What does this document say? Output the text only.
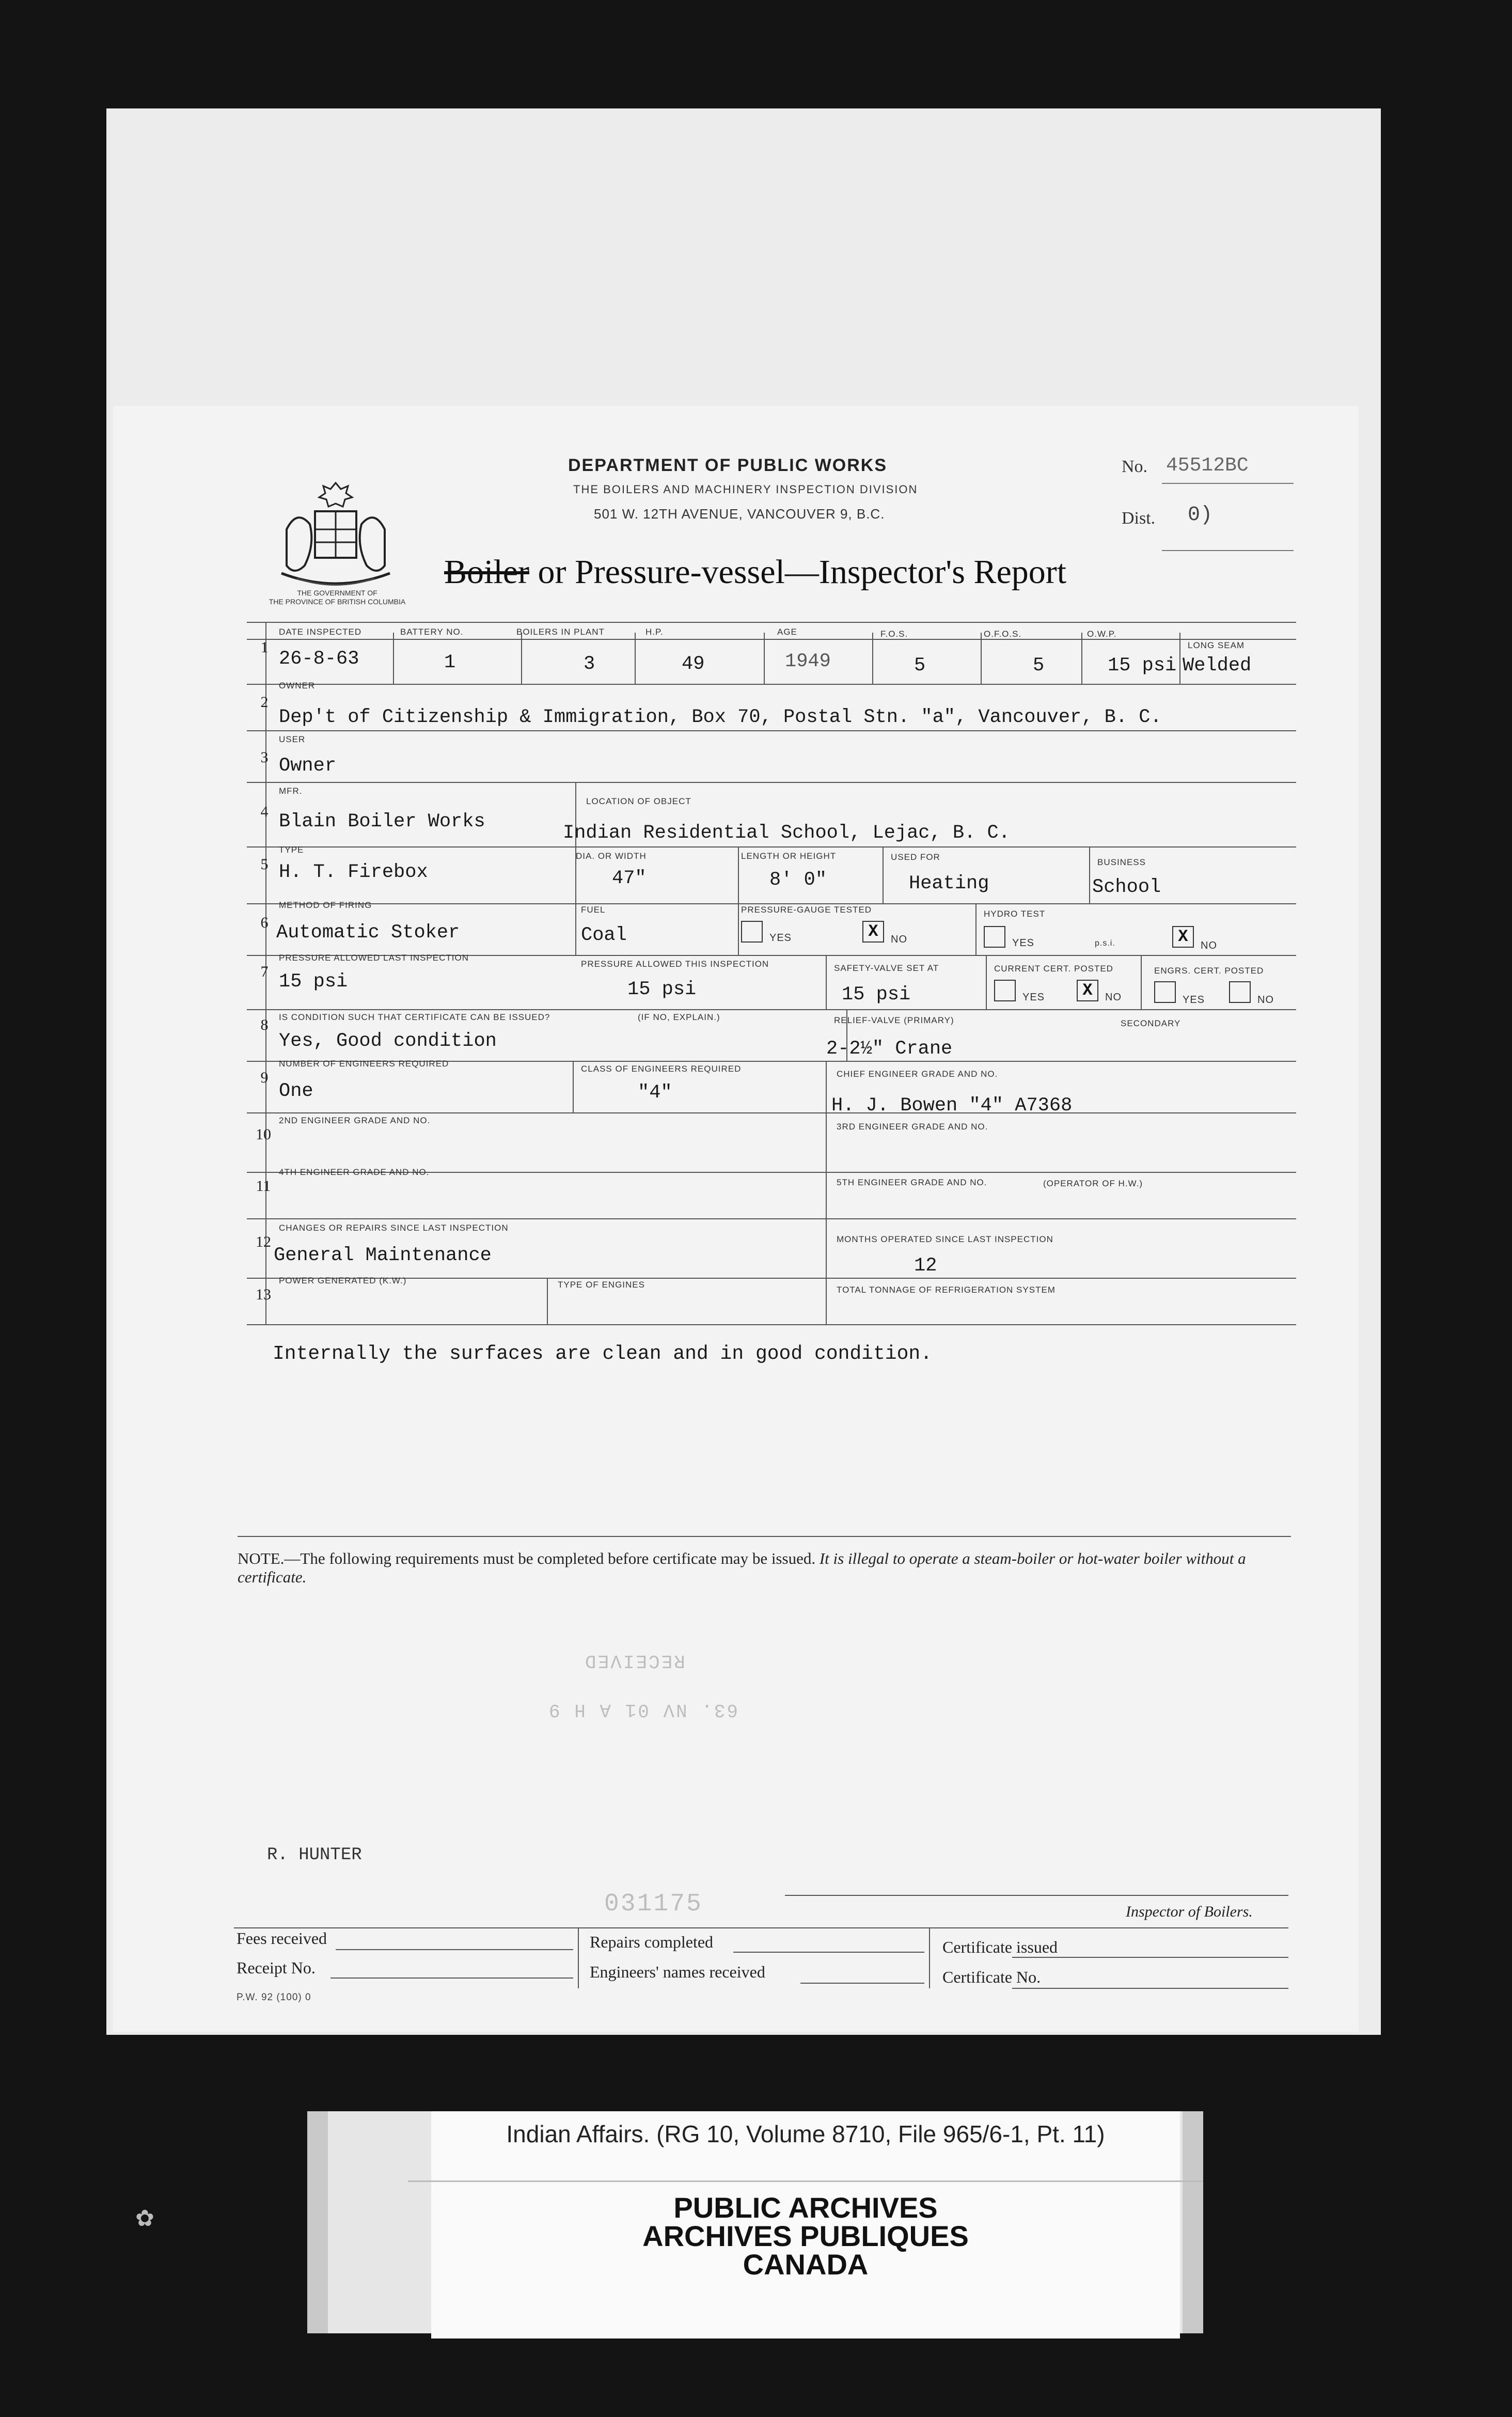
THE GOVERNMENT OF
THE PROVINCE OF BRITISH COLUMBIA
DEPARTMENT OF PUBLIC WORKS
THE BOILERS AND MACHINERY INSPECTION DIVISION
501 W. 12TH AVENUE, VANCOUVER 9, B.C.
Boiler or Pressure-vessel—Inspector's Report
No. 45512BC
Dist. 0)
1
DATE INSPECTED
26-8-63
BATTERY NO.
1
BOILERS IN PLANT
3
H.P.
49
AGE
1949
F.O.S.
5
O.F.O.S.
5
O.W.P.
15 psi
LONG SEAM
Welded
2
OWNER
Dep't of Citizenship & Immigration, Box 70, Postal Stn. "a", Vancouver, B. C.
3
USER
Owner
4
MFR.
Blain Boiler Works
LOCATION OF OBJECT
Indian Residential School, Lejac, B. C.
5
TYPE
H. T. Firebox
DIA. OR WIDTH
47"
LENGTH OR HEIGHT
8' 0"
USED FOR
Heating
BUSINESS
School
6
METHOD OF FIRING
Automatic Stoker
FUEL
Coal
PRESSURE-GAUGE TESTED
YES	X	NO
HYDRO TEST
YES	p.s.i.	X	NO
7
PRESSURE ALLOWED LAST INSPECTION
15 psi
PRESSURE ALLOWED THIS INSPECTION
15 psi
SAFETY-VALVE SET AT
15 psi
CURRENT CERT. POSTED
YES	X	NO
ENGRS. CERT. POSTED
YES	NO
8	IS CONDITION SUCH THAT CERTIFICATE CAN BE ISSUED?	(IF NO, EXPLAIN.)
Yes, Good condition
RELIEF-VALVE (PRIMARY)	SECONDARY
2-2½" Crane
9
NUMBER OF ENGINEERS REQUIRED
One
CLASS OF ENGINEERS REQUIRED
"4"
CHIEF ENGINEER GRADE AND NO.
H. J. Bowen "4" A7368
10
2ND ENGINEER GRADE AND NO.
3RD ENGINEER GRADE AND NO.
11
4TH ENGINEER GRADE AND NO.
5TH ENGINEER GRADE AND NO.	(OPERATOR OF H.W.)
12
CHANGES OR REPAIRS SINCE LAST INSPECTION
General Maintenance
MONTHS OPERATED SINCE LAST INSPECTION
12
13
POWER GENERATED (K.W.)	TYPE OF ENGINES
TOTAL TONNAGE OF REFRIGERATION SYSTEM
Internally the surfaces are clean and in good condition.
NOTE.—The following requirements must be completed before certificate may be issued. It is illegal to operate a steam-boiler or hot-water boiler without a certificate.
RECEIVED
63. NV 01 A H 9
031175
R. HUNTER
Inspector of Boilers.
Fees received
Receipt No.
Repairs completed
Engineers' names received
Certificate issued
Certificate No.
P.W. 92 (100) 0
Indian Affairs. (RG 10, Volume 8710, File 965/6-1, Pt. 11)
PUBLIC ARCHIVES
ARCHIVES PUBLIQUES
CANADA
✿
